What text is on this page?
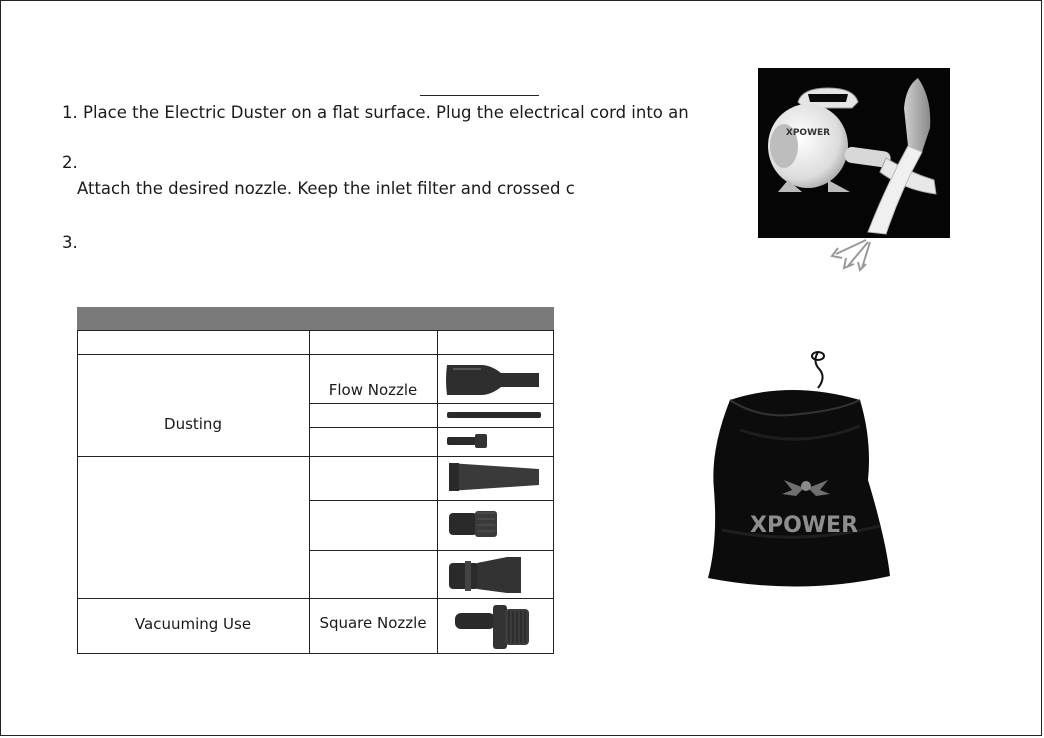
1. Place the Electric Duster on a flat surface. Plug the electrical cord into an
2.
Attach the desired nozzle. Keep the inlet filter and crossed c
3.
Dusting
Flow Nozzle
Vacuuming Use	Square Nozzle
XPOWER
XPOWER
